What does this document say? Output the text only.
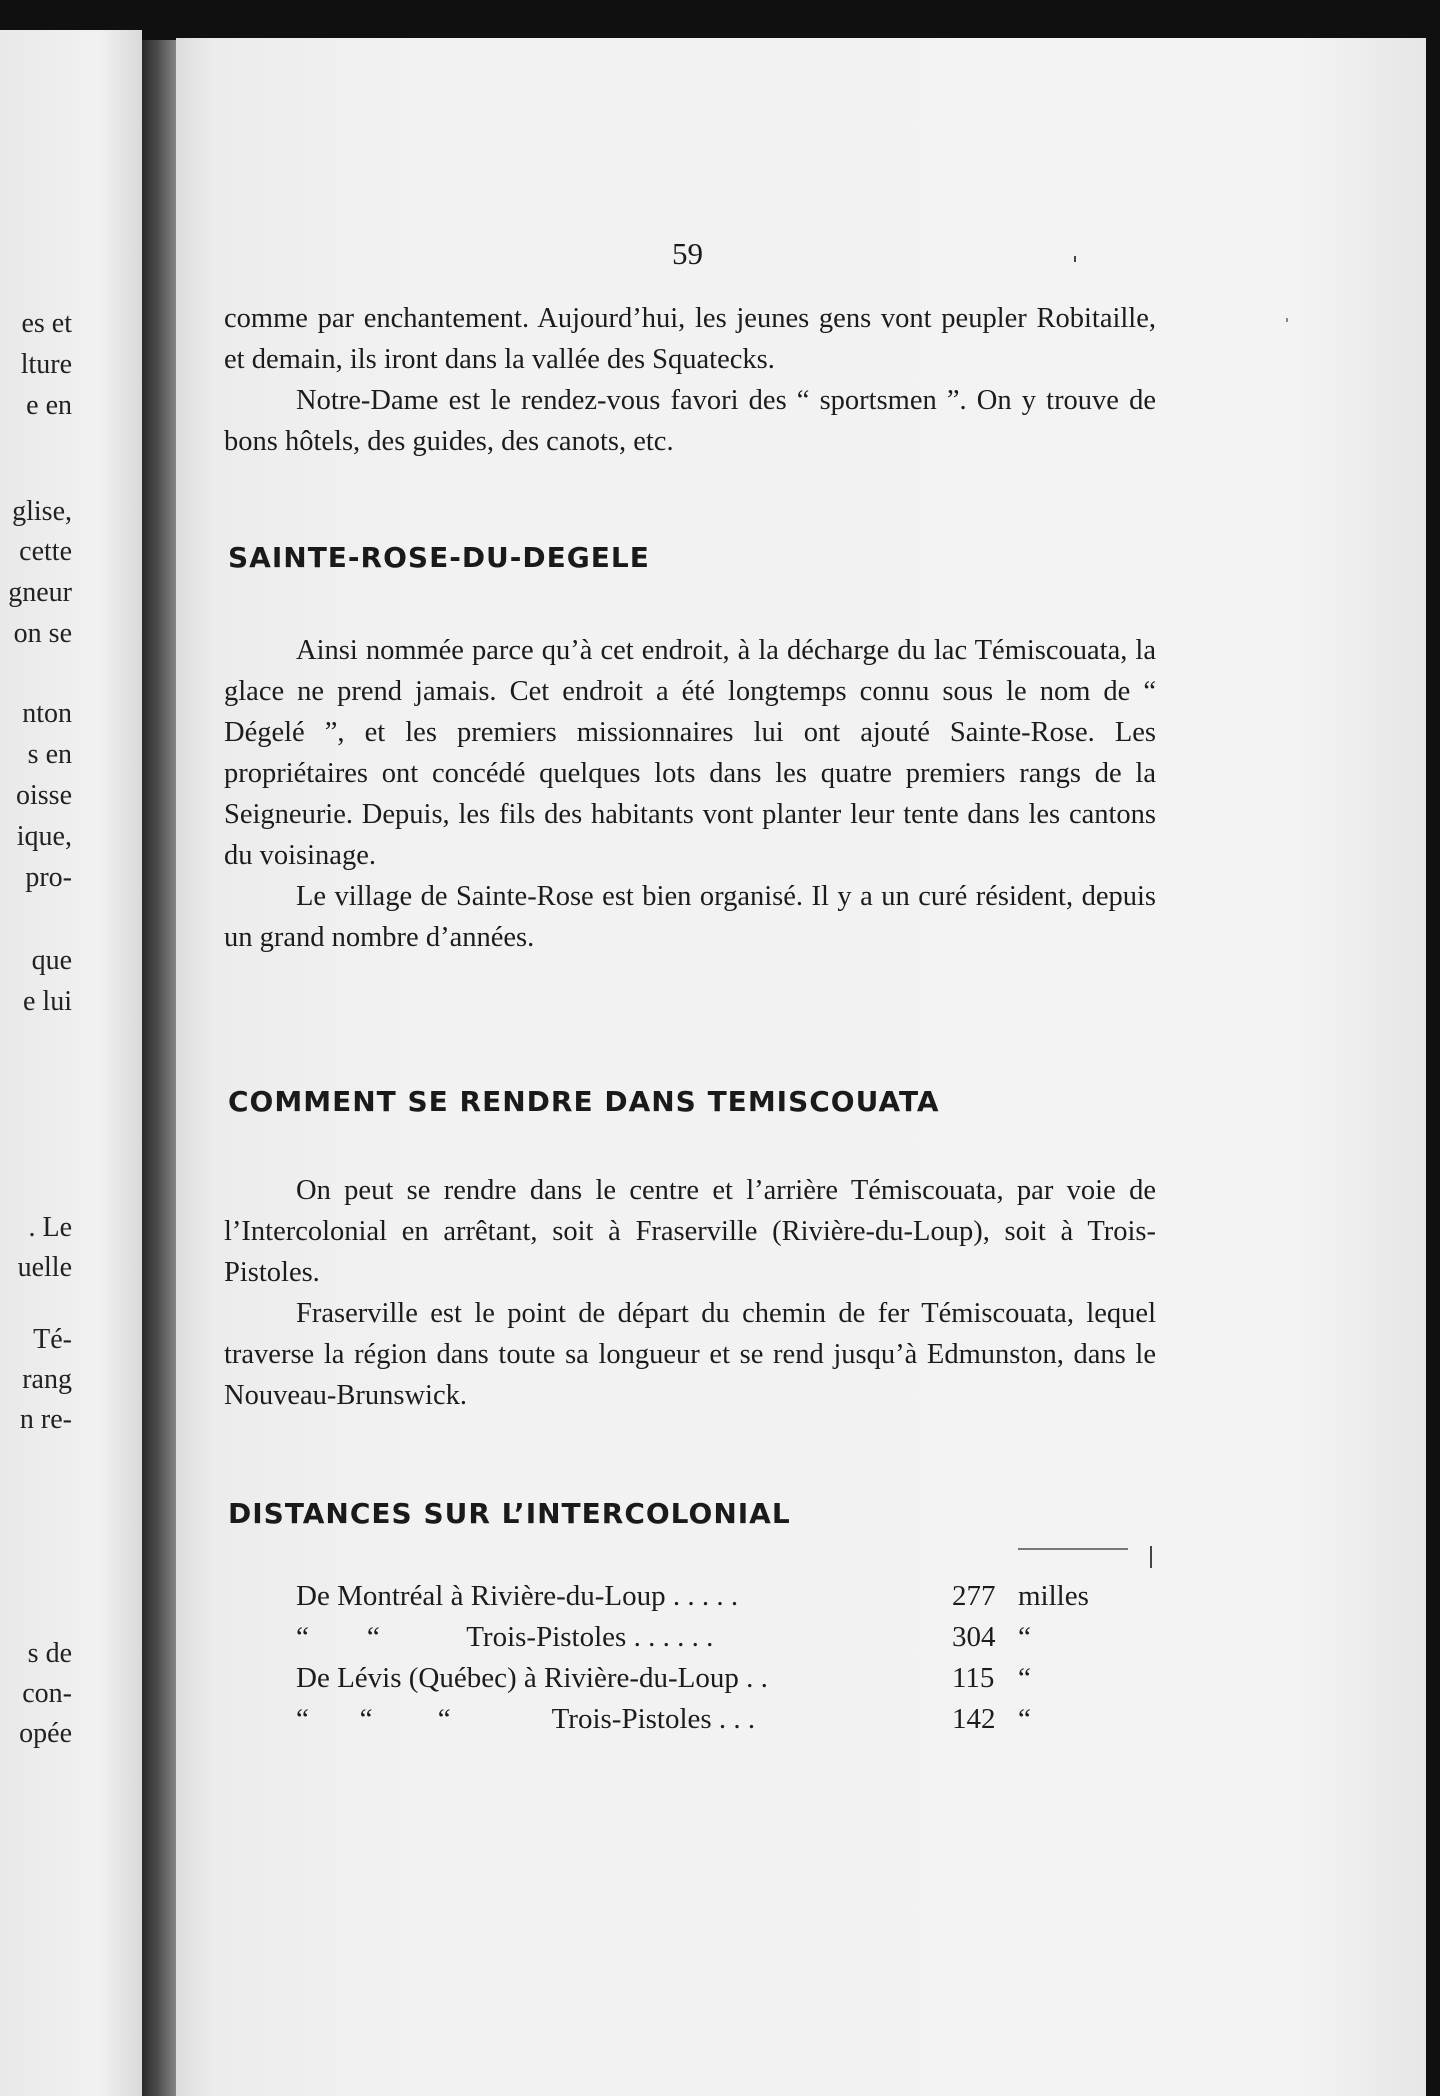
es et
lture
e en
glise,
cette
gneur
on se
nton
s en
oisse
ique,
pro-
que
e lui
. Le
uelle
Té-
rang
n re-
s de
con-
opée
59

comme par enchantement. Aujourd’hui, les jeunes gens vont peupler Robitaille, et demain, ils iront dans la vallée des Squatecks.

Notre-Dame est le rendez-vous favori des “ sportsmen ”. On y trouve de bons hôtels, des guides, des canots, etc.

SAINTE-ROSE-DU-DEGELE

Ainsi nommée parce qu’à cet endroit, à la décharge du lac Témiscouata, la glace ne prend jamais. Cet endroit a été longtemps connu sous le nom de “ Dégelé ”, et les premiers missionnaires lui ont ajouté Sainte-Rose. Les propriétaires ont concédé quelques lots dans les quatre premiers rangs de la Seigneurie. Depuis, les fils des habitants vont planter leur tente dans les cantons du voisinage.

Le village de Sainte-Rose est bien organisé. Il y a un curé résident, depuis un grand nombre d’années.

COMMENT SE RENDRE DANS TEMISCOUATA

On peut se rendre dans le centre et l’arrière Témiscouata, par voie de l’Intercolonial en arrêtant, soit à Fraserville (Rivière-du-Loup), soit à Trois-Pistoles.

Fraserville est le point de départ du chemin de fer Témiscouata, lequel traverse la région dans toute sa longueur et se rend jusqu’à Edmunston, dans le Nouveau-Brunswick.

DISTANCES SUR L’INTERCOLONIAL
De Montréal à Rivière-du-Loup . . . . .	277 milles
“        “            Trois-Pistoles . . . . . .	304 “
De Lévis (Québec) à Rivière-du-Loup . .	115 “
“       “         “              Trois-Pistoles . . .	142 “
